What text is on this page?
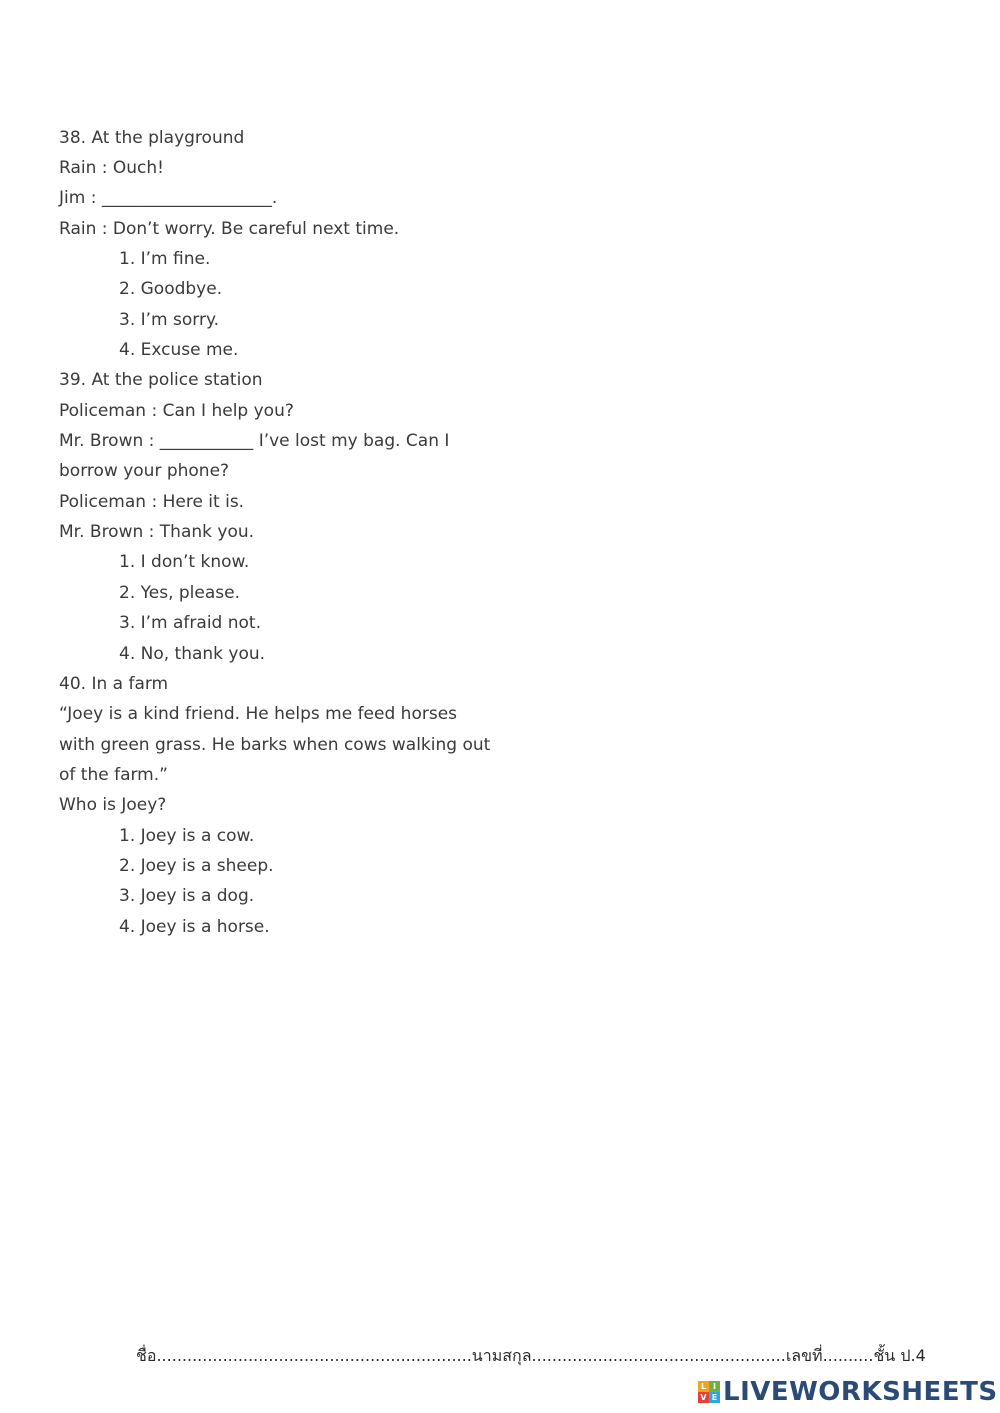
38. At the playground
Rain : Ouch!
Jim : ____________________.
Rain : Don’t worry. Be careful next time.
1. I’m fine.
2. Goodbye.
3. I’m sorry.
4. Excuse me.
39. At the police station
Policeman : Can I help you?
Mr. Brown : ___________ I’ve lost my bag. Can I
borrow your phone?
Policeman : Here it is.
Mr. Brown : Thank you.
1. I don’t know.
2. Yes, please.
3. I’m afraid not.
4. No, thank you.
40. In a farm
“Joey is a kind friend. He helps me feed horses
with green grass. He barks when cows walking out
of the farm.”
Who is Joey?
1. Joey is a cow.
2. Joey is a sheep.
3. Joey is a dog.
4. Joey is a horse.
ชื่อ..............................................................นามสกุล..................................................เลขที่..........ชั้น ป.4
L I
V E LIVEWORKSHEETS
